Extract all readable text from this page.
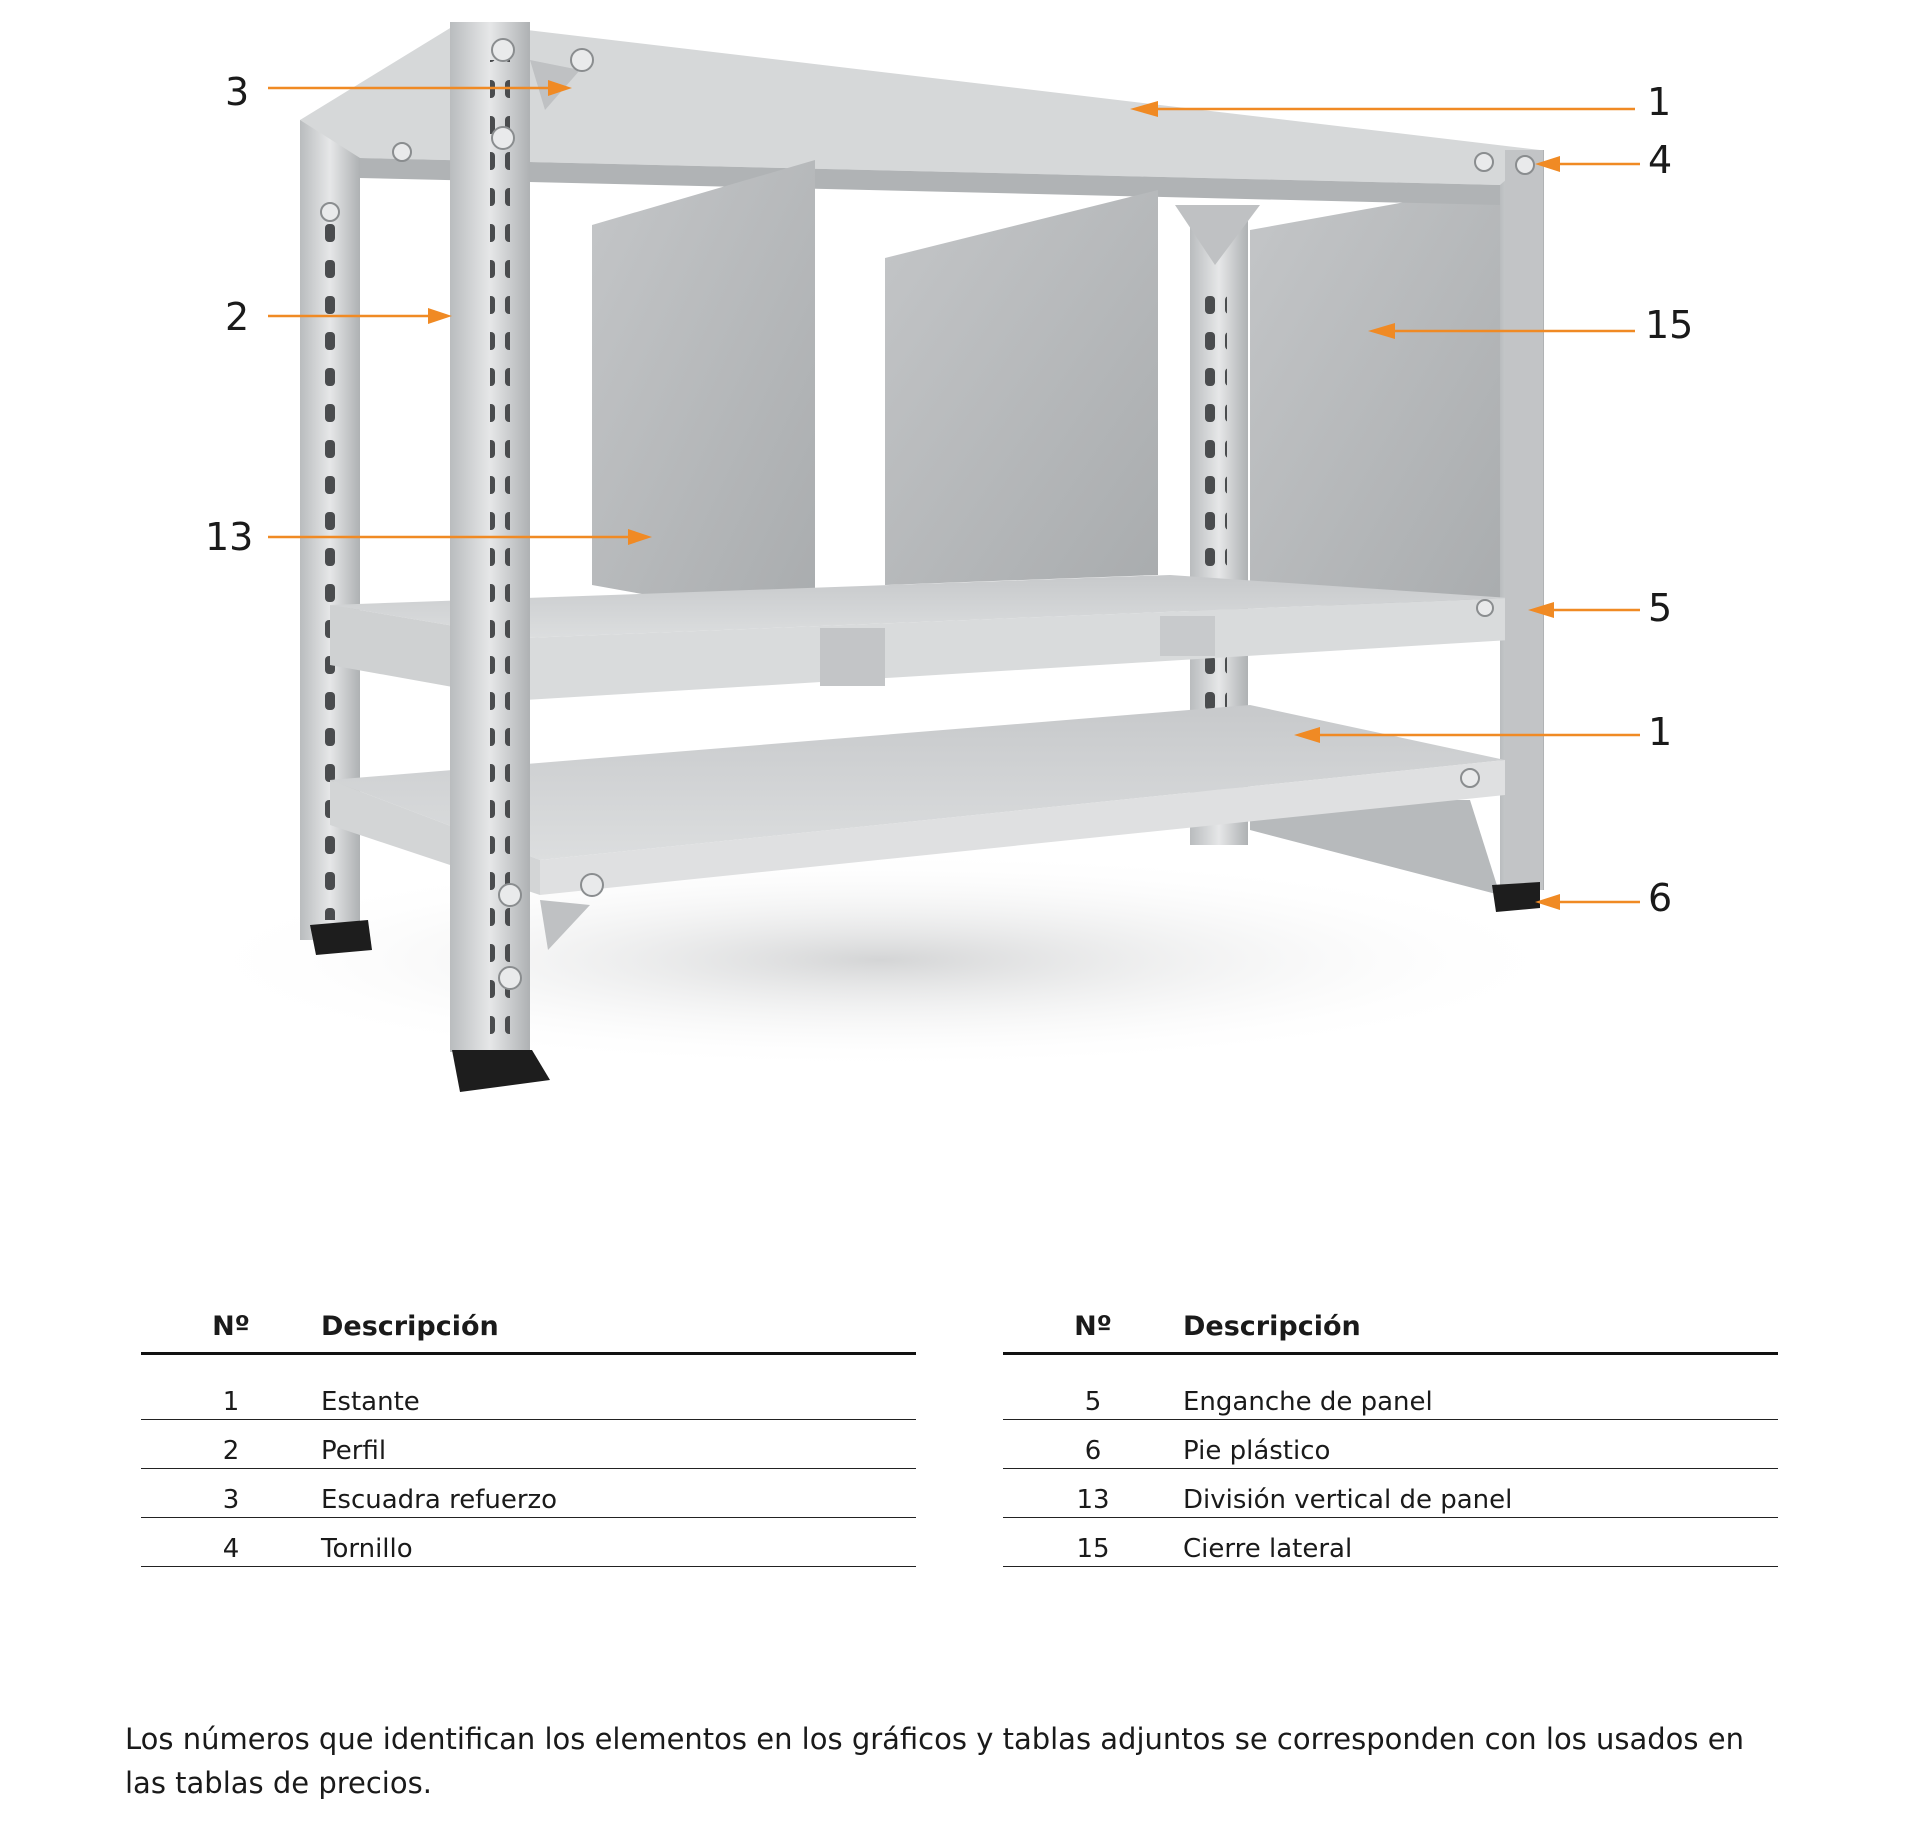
3	1
4
2	15
13
5
1
6
Nº	Descripción
1	Estante
2	Perfil
3	Escuadra refuerzo
4	Tornillo
Nº	Descripción
5	Enganche de panel
6	Pie plástico
13	División vertical de panel
15	Cierre lateral

Los números que identifican los elementos en los gráficos y tablas adjuntos se corresponden con los usados en las tablas de precios.
